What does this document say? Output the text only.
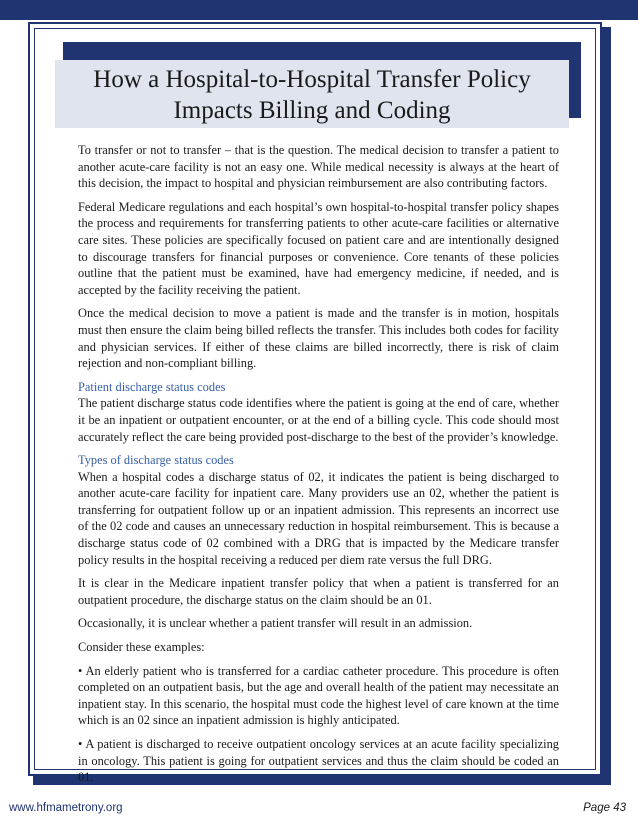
How a Hospital-to-Hospital Transfer Policy
Impacts Billing and Coding

To transfer or not to transfer – that is the question. The medical decision to transfer a patient to another acute-care facility is not an easy one. While medical necessity is always at the heart of this decision, the impact to hospital and physician reimbursement are also contributing factors.

Federal Medicare regulations and each hospital’s own hospital-to-hospital transfer policy shapes the process and requirements for transferring patients to other acute-care facilities or alternative care sites. These policies are specifically focused on patient care and are intentionally designed to discourage transfers for financial purposes or convenience. Core tenants of these policies outline that the patient must be examined, have had emergency medicine, if needed, and is accepted by the facility receiving the patient.

Once the medical decision to move a patient is made and the transfer is in motion, hospitals must then ensure the claim being billed reflects the transfer. This includes both codes for facility and physician services. If either of these claims are billed incorrectly, there is risk of claim rejection and non-compliant billing.

Patient discharge status codes

The patient discharge status code identifies where the patient is going at the end of care, whether it be an inpatient or outpatient encounter, or at the end of a billing cycle. This code should most accurately reflect the care being provided post-discharge to the best of the provider’s knowledge.

Types of discharge status codes

When a hospital codes a discharge status of 02, it indicates the patient is being discharged to another acute-care facility for inpatient care. Many providers use an 02, whether the patient is transferring for outpatient follow up or an inpatient admission. This represents an incorrect use of the 02 code and causes an unnecessary reduction in hospital reimbursement. This is because a discharge status code of 02 combined with a DRG that is impacted by the Medicare transfer policy results in the hospital receiving a reduced per diem rate versus the full DRG.

It is clear in the Medicare inpatient transfer policy that when a patient is transferred for an outpatient procedure, the discharge status on the claim should be an 01.

Occasionally, it is unclear whether a patient transfer will result in an admission.

Consider these examples:

• An elderly patient who is transferred for a cardiac catheter procedure. This procedure is often completed on an outpatient basis, but the age and overall health of the patient may necessitate an inpatient stay. In this scenario, the hospital must code the highest level of care known at the time which is an 02 since an inpatient admission is highly anticipated.

• A patient is discharged to receive outpatient oncology services at an acute facility specializing in oncology. This patient is going for outpatient services and thus the claim should be coded an 01.

www.hfmametrony.org	Page 43
